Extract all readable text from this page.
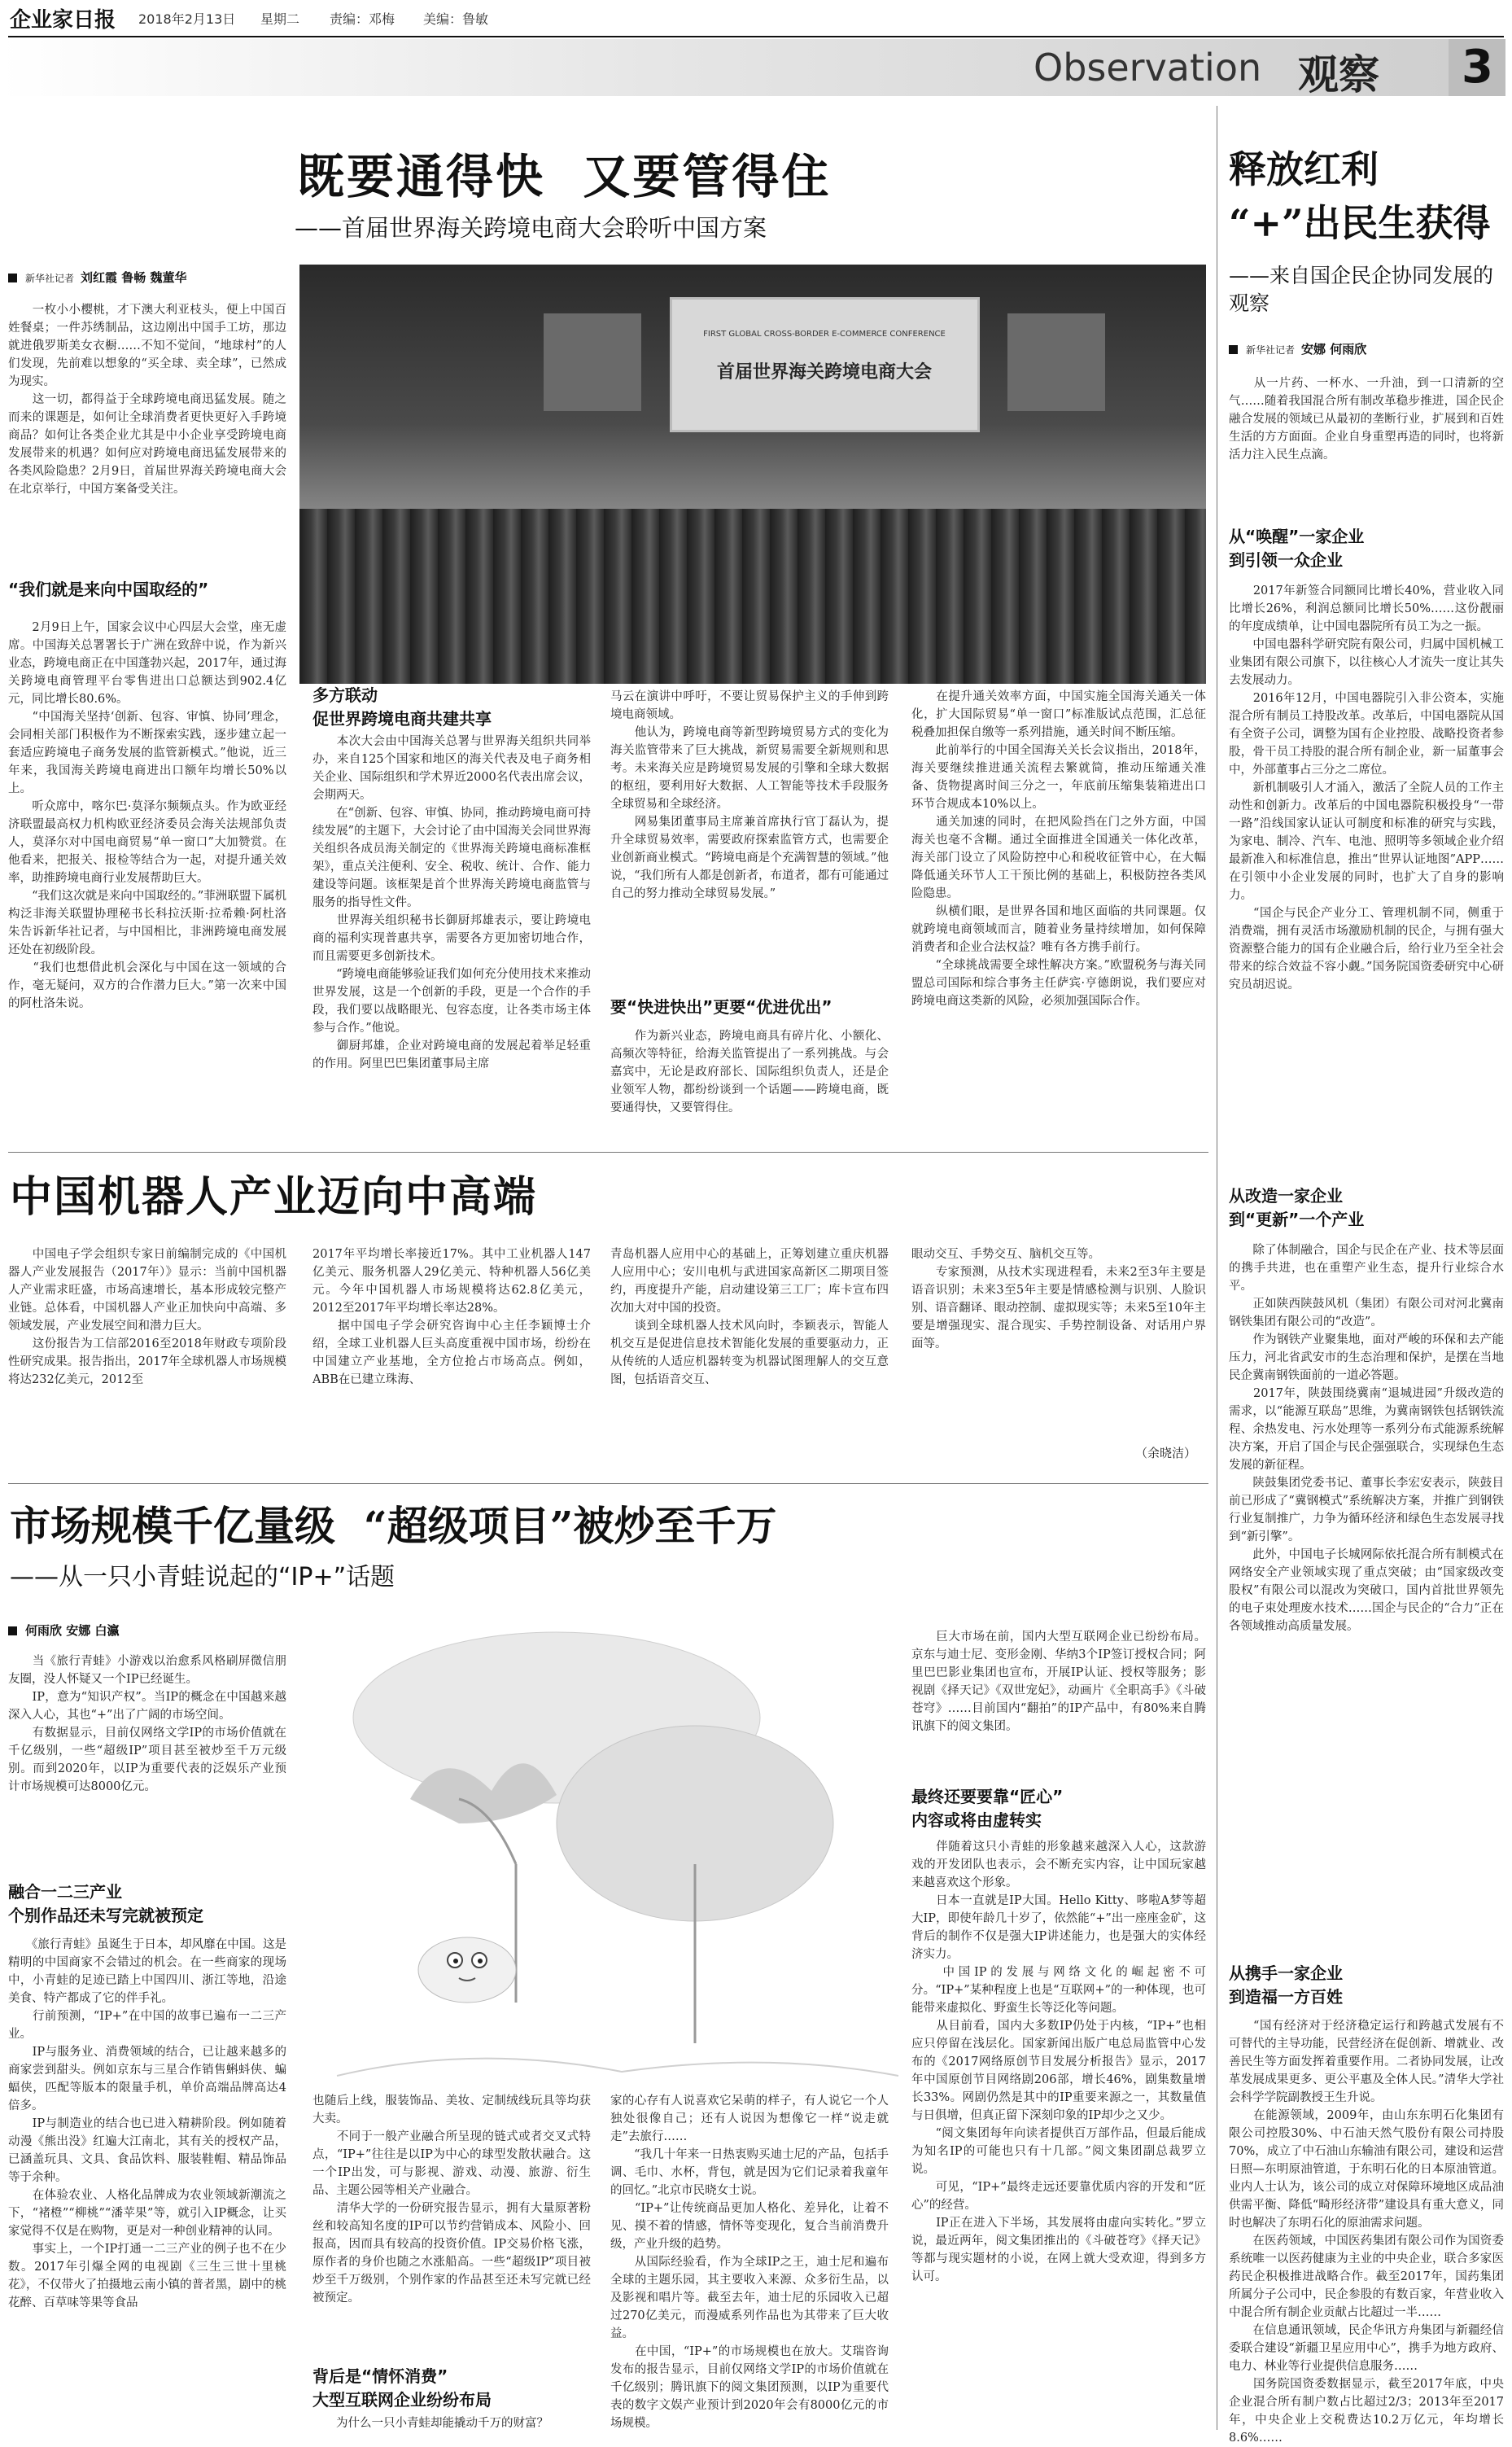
企业家日报 2018年2月13日 星期二 责编：邓梅 美编：鲁敏
Observation 观察 3
既要通得快  又要管得住
——首届世界海关跨境电商大会聆听中国方案
新华社记者 刘红霞 鲁畅 魏董华
　　一枚小小樱桃，才下澳大利亚枝头，便上中国百姓餐桌；一件苏绣制品，这边刚出中国手工坊，那边就进俄罗斯美女衣橱……不知不觉间，“地球村”的人们发现，先前难以想象的“买全球、卖全球”，已然成为现实。
　　这一切，都得益于全球跨境电商迅猛发展。随之而来的课题是，如何让全球消费者更快更好入手跨境商品？如何让各类企业尤其是中小企业享受跨境电商发展带来的机遇？如何应对跨境电商迅猛发展带来的各类风险隐患？2月9日，首届世界海关跨境电商大会在北京举行，中国方案备受关注。
“我们就是来向中国取经的”
　　2月9日上午，国家会议中心四层大会堂，座无虚席。中国海关总署署长于广洲在致辞中说，作为新兴业态，跨境电商正在中国蓬勃兴起，2017年，通过海关跨境电商管理平台零售进出口总额达到902.4亿元，同比增长80.6%。
　　“中国海关坚持‘创新、包容、审慎、协同’理念，会同相关部门积极作为不断探索实践，逐步建立起一套适应跨境电子商务发展的监管新模式。”他说，近三年来，我国海关跨境电商进出口额年均增长50%以上。
　　听众席中，喀尔巴·莫泽尔频频点头。作为欧亚经济联盟最高权力机构欧亚经济委员会海关法规部负责人，莫泽尔对中国电商贸易“单一窗口”大加赞赏。在他看来，把报关、报检等结合为一起，对提升通关效率，助推跨境电商行业发展帮助巨大。
　　“我们这次就是来向中国取经的。”菲洲联盟下属机构泛非海关联盟协理秘书长科拉沃斯·拉希赖·阿杜洛朱告诉新华社记者，与中国相比，非洲跨境电商发展还处在初级阶段。
　　“我们也想借此机会深化与中国在这一领域的合作，毫无疑问，双方的合作潜力巨大。”第一次来中国的阿杜洛朱说。
FIRST GLOBAL CROSS-BORDER E-COMMERCE CONFERENCE
首届世界海关跨境电商大会
多方联动
促世界跨境电商共建共享
　　本次大会由中国海关总署与世界海关组织共同举办，来自125个国家和地区的海关代表及电子商务相关企业、国际组织和学术界近2000名代表出席会议，会期两天。
　　在“创新、包容、审慎、协同，推动跨境电商可持续发展”的主题下，大会讨论了由中国海关会同世界海关组织各成员海关制定的《世界海关跨境电商标准框架》，重点关注便利、安全、税收、统计、合作、能力建设等问题。该框架是首个世界海关跨境电商监管与服务的指导性文件。
　　世界海关组织秘书长御厨邦雄表示，要让跨境电商的福利实现普惠共享，需要各方更加密切地合作，而且需要更多创新技术。
　　“跨境电商能够验证我们如何充分使用技术来推动世界发展，这是一个创新的手段，更是一个合作的手段，我们要以战略眼光、包容态度，让各类市场主体参与合作。”他说。
　　御厨邦雄，企业对跨境电商的发展起着举足轻重的作用。阿里巴巴集团董事局主席
马云在演讲中呼吁，不要让贸易保护主义的手伸到跨境电商领域。
　　他认为，跨境电商等新型跨境贸易方式的变化为海关监管带来了巨大挑战，新贸易需要全新规则和思考。未来海关应是跨境贸易发展的引擎和全球大数据的枢纽，要利用好大数据、人工智能等技术手段服务全球贸易和全球经济。
　　网易集团董事局主席兼首席执行官丁磊认为，提升全球贸易效率，需要政府探索监管方式，也需要企业创新商业模式。“跨境电商是个充满智慧的领域。”他说，“我们所有人都是创新者，布道者，都有可能通过自己的努力推动全球贸易发展。”
要“快进快出”更要“优进优出”
　　作为新兴业态，跨境电商具有碎片化、小额化、高频次等特征，给海关监管提出了一系列挑战。与会嘉宾中，无论是政府部长、国际组织负责人，还是企业领军人物，都纷纷谈到一个话题——跨境电商，既要通得快，又要管得住。
　　在提升通关效率方面，中国实施全国海关通关一体化，扩大国际贸易“单一窗口”标准版试点范围，汇总征税叠加担保自缴等一系列措施，通关时间不断压缩。
　　此前举行的中国全国海关关长会议指出，2018年，海关要继续推进通关流程去繁就简，推动压缩通关准备、货物提离时间三分之一，年底前压缩集装箱进出口环节合规成本10%以上。
　　通关加速的同时，在把风险挡在门之外方面，中国海关也毫不含糊。通过全面推进全国通关一体化改革，海关部门设立了风险防控中心和税收征管中心，在大幅降低通关环节人工干预比例的基础上，积极防控各类风险隐患。
　　纵横们眼，是世界各国和地区面临的共同课题。仅就跨境电商领域而言，随着业务量持续增加，如何保障消费者和企业合法权益？唯有各方携手前行。
　　“全球挑战需要全球性解决方案。”欧盟税务与海关同盟总司国际和综合事务主任萨宾·亨德朗说，我们要应对跨境电商这类新的风险，必须加强国际合作。
中国机器人产业迈向中高端
　　中国电子学会组织专家日前编制完成的《中国机器人产业发展报告（2017年）》显示：当前中国机器人产业需求旺盛，市场高速增长，基本形成较完整产业链。总体看，中国机器人产业正加快向中高端、多领域发展，产业发展空间和潜力巨大。
　　这份报告为工信部2016至2018年财政专项阶段性研究成果。报告指出，2017年全球机器人市场规模将达232亿美元，2012至
2017年平均增长率接近17%。其中工业机器人147亿美元、服务机器人29亿美元、特种机器人56亿美元。今年中国机器人市场规模将达62.8亿美元，2012至2017年平均增长率达28%。
　　据中国电子学会研究咨询中心主任李颖博士介绍，全球工业机器人巨头高度重视中国市场，纷纷在中国建立产业基地，全方位抢占市场高点。例如，ABB在已建立珠海、
青岛机器人应用中心的基础上，正筹划建立重庆机器人应用中心；安川电机与武进国家高新区二期项目签约，再度提升产能，启动建设第三工厂；库卡宣布四次加大对中国的投资。
　　谈到全球机器人技术风向时，李颖表示，智能人机交互是促进信息技术智能化发展的重要驱动力，正从传统的人适应机器转变为机器试图理解人的交互意图，包括语音交互、
眼动交互、手势交互、脑机交互等。
　　专家预测，从技术实现进程看，未来2至3年主要是语音识别；未来3至5年主要是情感检测与识别、人脸识别、语音翻译、眼动控制、虚拟现实等；未来5至10年主要是增强现实、混合现实、手势控制设备、对话用户界面等。
（余晓洁）
市场规模千亿量级  “超级项目”被炒至千万
——从一只小青蛙说起的“IP+”话题
何雨欣 安娜 白瀛
　　当《旅行青蛙》小游戏以治愈系风格刷屏微信朋友圈，没人怀疑又一个IP已经诞生。
　　IP，意为“知识产权”。当IP的概念在中国越来越深入人心，其也“+”出了广阔的市场空间。
　　有数据显示，目前仅网络文学IP的市场价值就在千亿级别，一些“超级IP”项目甚至被炒至千万元级别。而到2020年，以IP为重要代表的泛娱乐产业预计市场规模可达8000亿元。
融合一二三产业
个别作品还未写完就被预定
　　《旅行青蛙》虽诞生于日本，却风靡在中国。这是精明的中国商家不会错过的机会。在一些商家的现场中，小青蛙的足迹已踏上中国四川、浙江等地，沿途美食、特产都成了它的伴手礼。
　　行前预测，“IP+”在中国的故事已遍布一二三产业。
　　IP与服务业、消费领域的结合，已让越来越多的商家尝到甜头。例如京东与三星合作销售蝌蚪侠、蝙蝠侠，匹配等版本的限量手机，单价高端品牌高达4倍多。
　　IP与制造业的结合也已进入精耕阶段。例如随着动漫《熊出没》红遍大江南北，其有关的授权产品，已涵盖玩具、文具、食品饮料、服装鞋帽、精品饰品等于余种。
　　在体验农业、人格化品牌成为农业领域新潮流之下，“褚橙”“柳桃”“潘苹果”等，就引入IP概念，让买家觉得不仅是在购物，更是对一种创业精神的认同。
　　事实上，一个IP打通一二三产业的例子也不在少数。2017年引爆全网的电视剧《三生三世十里桃花》，不仅带火了拍摄地云南小镇的普者黑，剧中的桃花醉、百草味等果等食品
也随后上线，服装饰品、美妆、定制绒线玩具等均获大卖。
　　不同于一般产业融合所呈现的链式或者交叉式特点，“IP+”往往是以IP为中心的球型发散状融合。这一个IP出发，可与影视、游戏、动漫、旅游、衍生品、主题公园等相关产业融合。
　　清华大学的一份研究报告显示，拥有大量原著粉丝和较高知名度的IP可以节约营销成本、风险小、回报高，因而具有较高的投资价值。IP交易价格飞涨，原作者的身价也随之水涨船高。一些“超级IP”项目被炒至千万级别，个别作家的作品甚至还未写完就已经被预定。
背后是“情怀消费”
大型互联网企业纷纷布局
　　为什么一只小青蛙却能撬动千万的财富？
家的心存有人说喜欢它呆萌的样子，有人说它一个人独处很像自己；还有人说因为想像它一样“说走就走”去旅行……
　　“我几十年来一日热衷购买迪士尼的产品，包括手调、毛巾、水杯，背包，就是因为它们记录着我童年的回忆。”北京市民晓女士说。
　　“IP+”让传统商品更加人格化、差异化，让着不见、摸不着的情感，情怀等变现化，复合当前消费升级，产业升级的趋势。
　　从国际经验看，作为全球IP之王，迪士尼和遍布全球的主题乐园，其主要收入来源、众多衍生品，以及影视和唱片等。截至去年，迪士尼的乐园收入已超过270亿美元，而漫威系列作品也为其带来了巨大收益。
　　在中国，“IP+”的市场规模也在放大。艾瑞咨询发布的报告显示，目前仅网络文学IP的市场价值就在千亿级别；腾讯旗下的阅文集团预测，以IP为重要代表的数字文娱产业预计到2020年会有8000亿元的市场规模。
　　巨大市场在前，国内大型互联网企业已纷纷布局。京东与迪士尼、变形金刚、华纳3个IP签订授权合同；阿里巴巴影业集团也宣布，开展IP认证、授权等服务；影视剧《择天记》《双世宠妃》，动画片《全职高手》《斗破苍穹》……目前国内“翻拍”的IP产品中，有80%来自腾讯旗下的阅文集团。
最终还要要靠“匠心”
内容或将由虚转实
　　伴随着这只小青蛙的形象越来越深入人心，这款游戏的开发团队也表示，会不断充实内容，让中国玩家越来越喜欢这个形象。
　　日本一直就是IP大国。Hello Kitty、哆啦A梦等超大IP，即使年龄几十岁了，依然能“+”出一座座金矿，这背后的制作不仅是强大IP讲述能力，也是强大的实体经济实力。
　　中国IP的发展与网络文化的崛起密不可分。“IP+”某种程度上也是“互联网+”的一种体现，也可能带来虚拟化、野蛮生长等泛化等问题。
　　从目前看，国内大多数IP仍处于内核，“IP+”也相应只停留在浅层化。国家新闻出版广电总局监管中心发布的《2017网络原创节目发展分析报告》显示，2017年中国原创节目网络剧206部，增长46%，剧集数量增长33%。网剧仍然是其中的IP重要来源之一，其数量值与日俱增，但真正留下深刻印象的IP却少之又少。
　　“阅文集团每年向读者提供百万部作品，但最后能成为知名IP的可能也只有十几部。”阅文集团副总裁罗立说。
　　可见，“IP+”最终走远还要靠优质内容的开发和“匠心”的经营。
　　IP正在进入下半场，其发展将由虚向实转化。”罗立说，最近两年，阅文集团推出的《斗破苍穹》《择天记》等都与现实题材的小说，在网上就大受欢迎，得到多方认可。
释放红利
“+”出民生获得
——来自国企民企协同发展的观察
新华社记者 安娜 何雨欣
　　从一片药、一杯水、一升油，到一口清新的空气……随着我国混合所有制改革稳步推进，国企民企融合发展的领域已从最初的垄断行业，扩展到和百姓生活的方方面面。企业自身重塑再造的同时，也将新活力注入民生点滴。
从“唤醒”一家企业
到引领一众企业
　　2017年新签合同额同比增长40%，营业收入同比增长26%，利润总额同比增长50%……这份靓丽的年度成绩单，让中国电器院所有员工为之一振。
　　中国电器科学研究院有限公司，归属中国机械工业集团有限公司旗下，以往核心人才流失一度让其失去发展动力。
　　2016年12月，中国电器院引入非公资本，实施混合所有制员工持股改革。改革后，中国电器院从国有全资子公司，调整为国有企业控股、战略投资者参股，骨干员工持股的混合所有制企业，新一届董事会中，外部董事占三分之二席位。
　　新机制吸引人才涌入，激活了全院人员的工作主动性和创新力。改革后的中国电器院积极投身“一带一路”沿线国家认证认可制度和标准的研究与实践，为家电、制冷、汽车、电池、照明等多领域企业介绍最新准入和标准信息，推出“世界认证地图”APP……在引领中小企业发展的同时，也扩大了自身的影响力。
　　“国企与民企产业分工、管理机制不同，侧重于消费端，拥有灵活市场激励机制的民企，与拥有强大资源整合能力的国有企业融合后，给行业乃至全社会带来的综合效益不容小觑。”国务院国资委研究中心研究员胡迟说。
从改造一家企业
到“更新”一个产业
　　除了体制融合，国企与民企在产业、技术等层面的携手共进，也在重塑产业生态，提升行业综合水平。
　　正如陕西陕鼓风机（集团）有限公司对河北冀南钢铁集团有限公司的“改造”。
　　作为钢铁产业聚集地，面对严峻的环保和去产能压力，河北省武安市的生态治理和保护，是摆在当地民企冀南钢铁面前的一道必答题。
　　2017年，陕鼓围绕冀南“退城进园”升级改造的需求，以“能源互联岛”思维，为冀南钢铁包括钢铁流程、余热发电、污水处理等一系列分布式能源系统解决方案，开启了国企与民企强强联合，实现绿色生态发展的新征程。
　　陕鼓集团党委书记、董事长李宏安表示，陕鼓目前已形成了“冀钢模式”系统解决方案，并推广到钢铁行业复制推广，力争为循环经济和绿色生态发展寻找到“新引擎”。
　　此外，中国电子长城网际依托混合所有制模式在网络安全产业领域实现了重点突破；由“国家级改变股权”有限公司以混改为突破口，国内首批世界领先的电子束处理废水技术……国企与民企的“合力”正在各领域推动高质量发展。
从携手一家企业
到造福一方百姓
　　“国有经济对于经济稳定运行和跨越式发展有不可替代的主导功能，民营经济在促创新、增就业、改善民生等方面发挥着重要作用。二者协同发展，让改革发展成果更多、更公平惠及全体人民。”清华大学社会科学学院副教授王生升说。
　　在能源领域，2009年，由山东东明石化集团有限公司控股30%、中石油天然气股份有限公司持股70%，成立了中石油山东输油有限公司，建设和运营日照—东明原油管道，于东明石化的日本原油管道。业内人士认为，该公司的成立对保障环境地区成品油供需平衡、降低“畸形经济带”建设具有重大意义，同时也解决了东明石化的原油需求问题。
　　在医药领域，中国医药集团有限公司作为国资委系统唯一以医药健康为主业的中央企业，联合多家医药民企积极推进战略合作。截至2017年，国药集团所属分子公司中，民企参股的有数百家，年营业收入中混合所有制企业贡献占比超过一半……
　　在信息通讯领域，民企华讯方舟集团与新疆经信委联合建设“新疆卫星应用中心”，携手为地方政府、电力、林业等行业提供信息服务……
　　国务院国资委数据显示，截至2017年底，中央企业混合所有制户数占比超过2/3；2013年至2017年，中央企业上交税费达10.2万亿元，年均增长8.6%……
